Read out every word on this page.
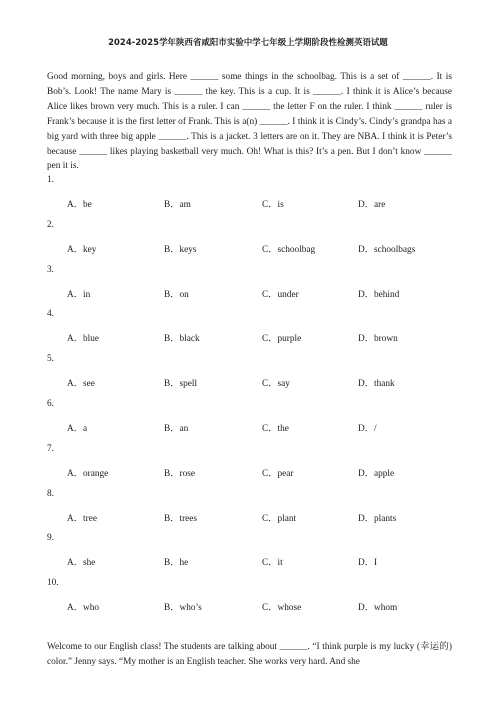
2024-2025学年陕西省咸阳市实验中学七年级上学期阶段性检测英语试题

Good morning, boys and girls. Here ______ some things in the schoolbag. This is a set of ______. It is Bob’s. Look! The name Mary is ______ the key. This is a cup. It is ______. I think it is Alice’s because Alice likes brown very much. This is a ruler. I can ______ the letter F on the ruler. I think ______ ruler is Frank’s because it is the first letter of Frank. This is a(n) ______. I think it is Cindy’s. Cindy’s grandpa has a big yard with three big apple ______. This is a jacket. 3 letters are on it. They are NBA. I think it is Peter’s because ______ likes playing basketball very much. Oh! What is this? It’s a pen. But I don’t know ______ pen it is.

1.
A．be	B．am	C．is	D．are
2.
A．key	B．keys	C．schoolbag	D．schoolbags
3.
A．in	B．on	C．under	D．behind
4.
A．blue	B．black	C．purple	D．brown
5.
A．see	B．spell	C．say	D．thank
6.
A．a	B．an	C．the	D．/
7.
A．orange	B．rose	C．pear	D．apple
8.
A．tree	B．trees	C．plant	D．plants
9.
A．she	B．he	C．it	D．I
10.
A．who	B．who’s	C．whose	D．whom

Welcome to our English class! The students are talking about ______. “I think purple is my lucky (幸运的) color.” Jenny says. “My mother is an English teacher. She works very hard. And she
